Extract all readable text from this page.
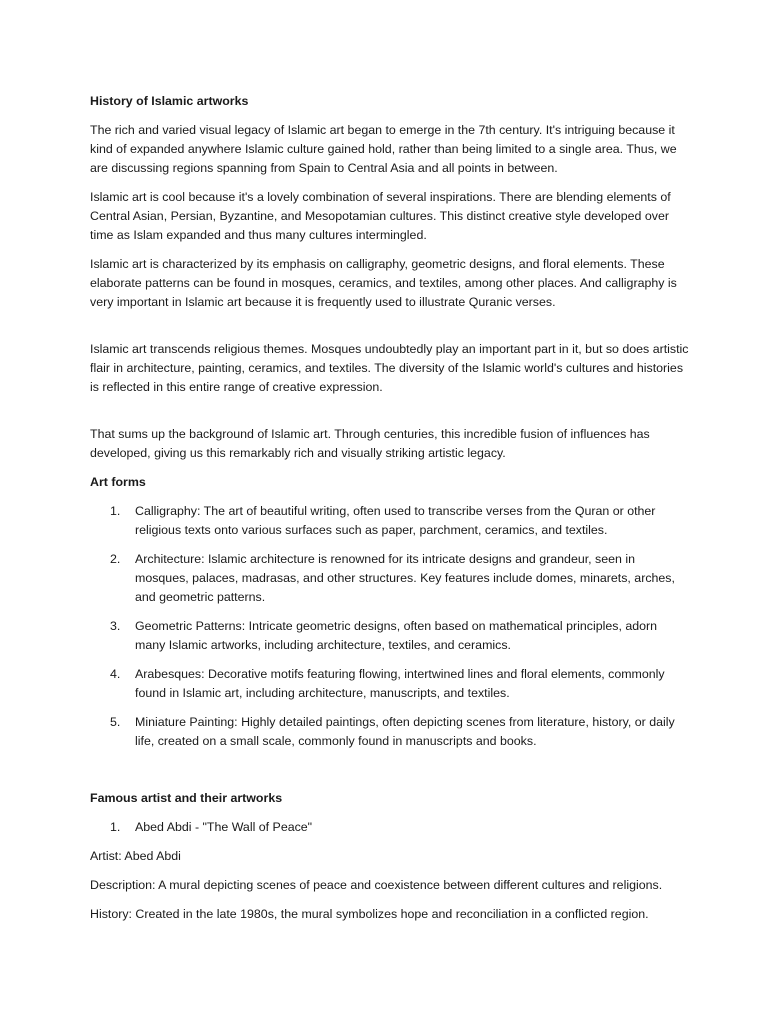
History of Islamic artworks

The rich and varied visual legacy of Islamic art began to emerge in the 7th century. It's intriguing because it kind of expanded anywhere Islamic culture gained hold, rather than being limited to a single area. Thus, we are discussing regions spanning from Spain to Central Asia and all points in between.

Islamic art is cool because it's a lovely combination of several inspirations. There are blending elements of Central Asian, Persian, Byzantine, and Mesopotamian cultures. This distinct creative style developed over time as Islam expanded and thus many cultures intermingled.

Islamic art is characterized by its emphasis on calligraphy, geometric designs, and floral elements. These elaborate patterns can be found in mosques, ceramics, and textiles, among other places. And calligraphy is very important in Islamic art because it is frequently used to illustrate Quranic verses.

Islamic art transcends religious themes. Mosques undoubtedly play an important part in it, but so does artistic flair in architecture, painting, ceramics, and textiles. The diversity of the Islamic world's cultures and histories is reflected in this entire range of creative expression.

That sums up the background of Islamic art. Through centuries, this incredible fusion of influences has developed, giving us this remarkably rich and visually striking artistic legacy.

Art forms

1. Calligraphy: The art of beautiful writing, often used to transcribe verses from the Quran or other religious texts onto various surfaces such as paper, parchment, ceramics, and textiles.
2. Architecture: Islamic architecture is renowned for its intricate designs and grandeur, seen in mosques, palaces, madrasas, and other structures. Key features include domes, minarets, arches, and geometric patterns.
3. Geometric Patterns: Intricate geometric designs, often based on mathematical principles, adorn many Islamic artworks, including architecture, textiles, and ceramics.
4. Arabesques: Decorative motifs featuring flowing, intertwined lines and floral elements, commonly found in Islamic art, including architecture, manuscripts, and textiles.
5. Miniature Painting: Highly detailed paintings, often depicting scenes from literature, history, or daily life, created on a small scale, commonly found in manuscripts and books.

Famous artist and their artworks

1. Abed Abdi - "The Wall of Peace"

Artist: Abed Abdi

Description: A mural depicting scenes of peace and coexistence between different cultures and religions.

History: Created in the late 1980s, the mural symbolizes hope and reconciliation in a conflicted region.
